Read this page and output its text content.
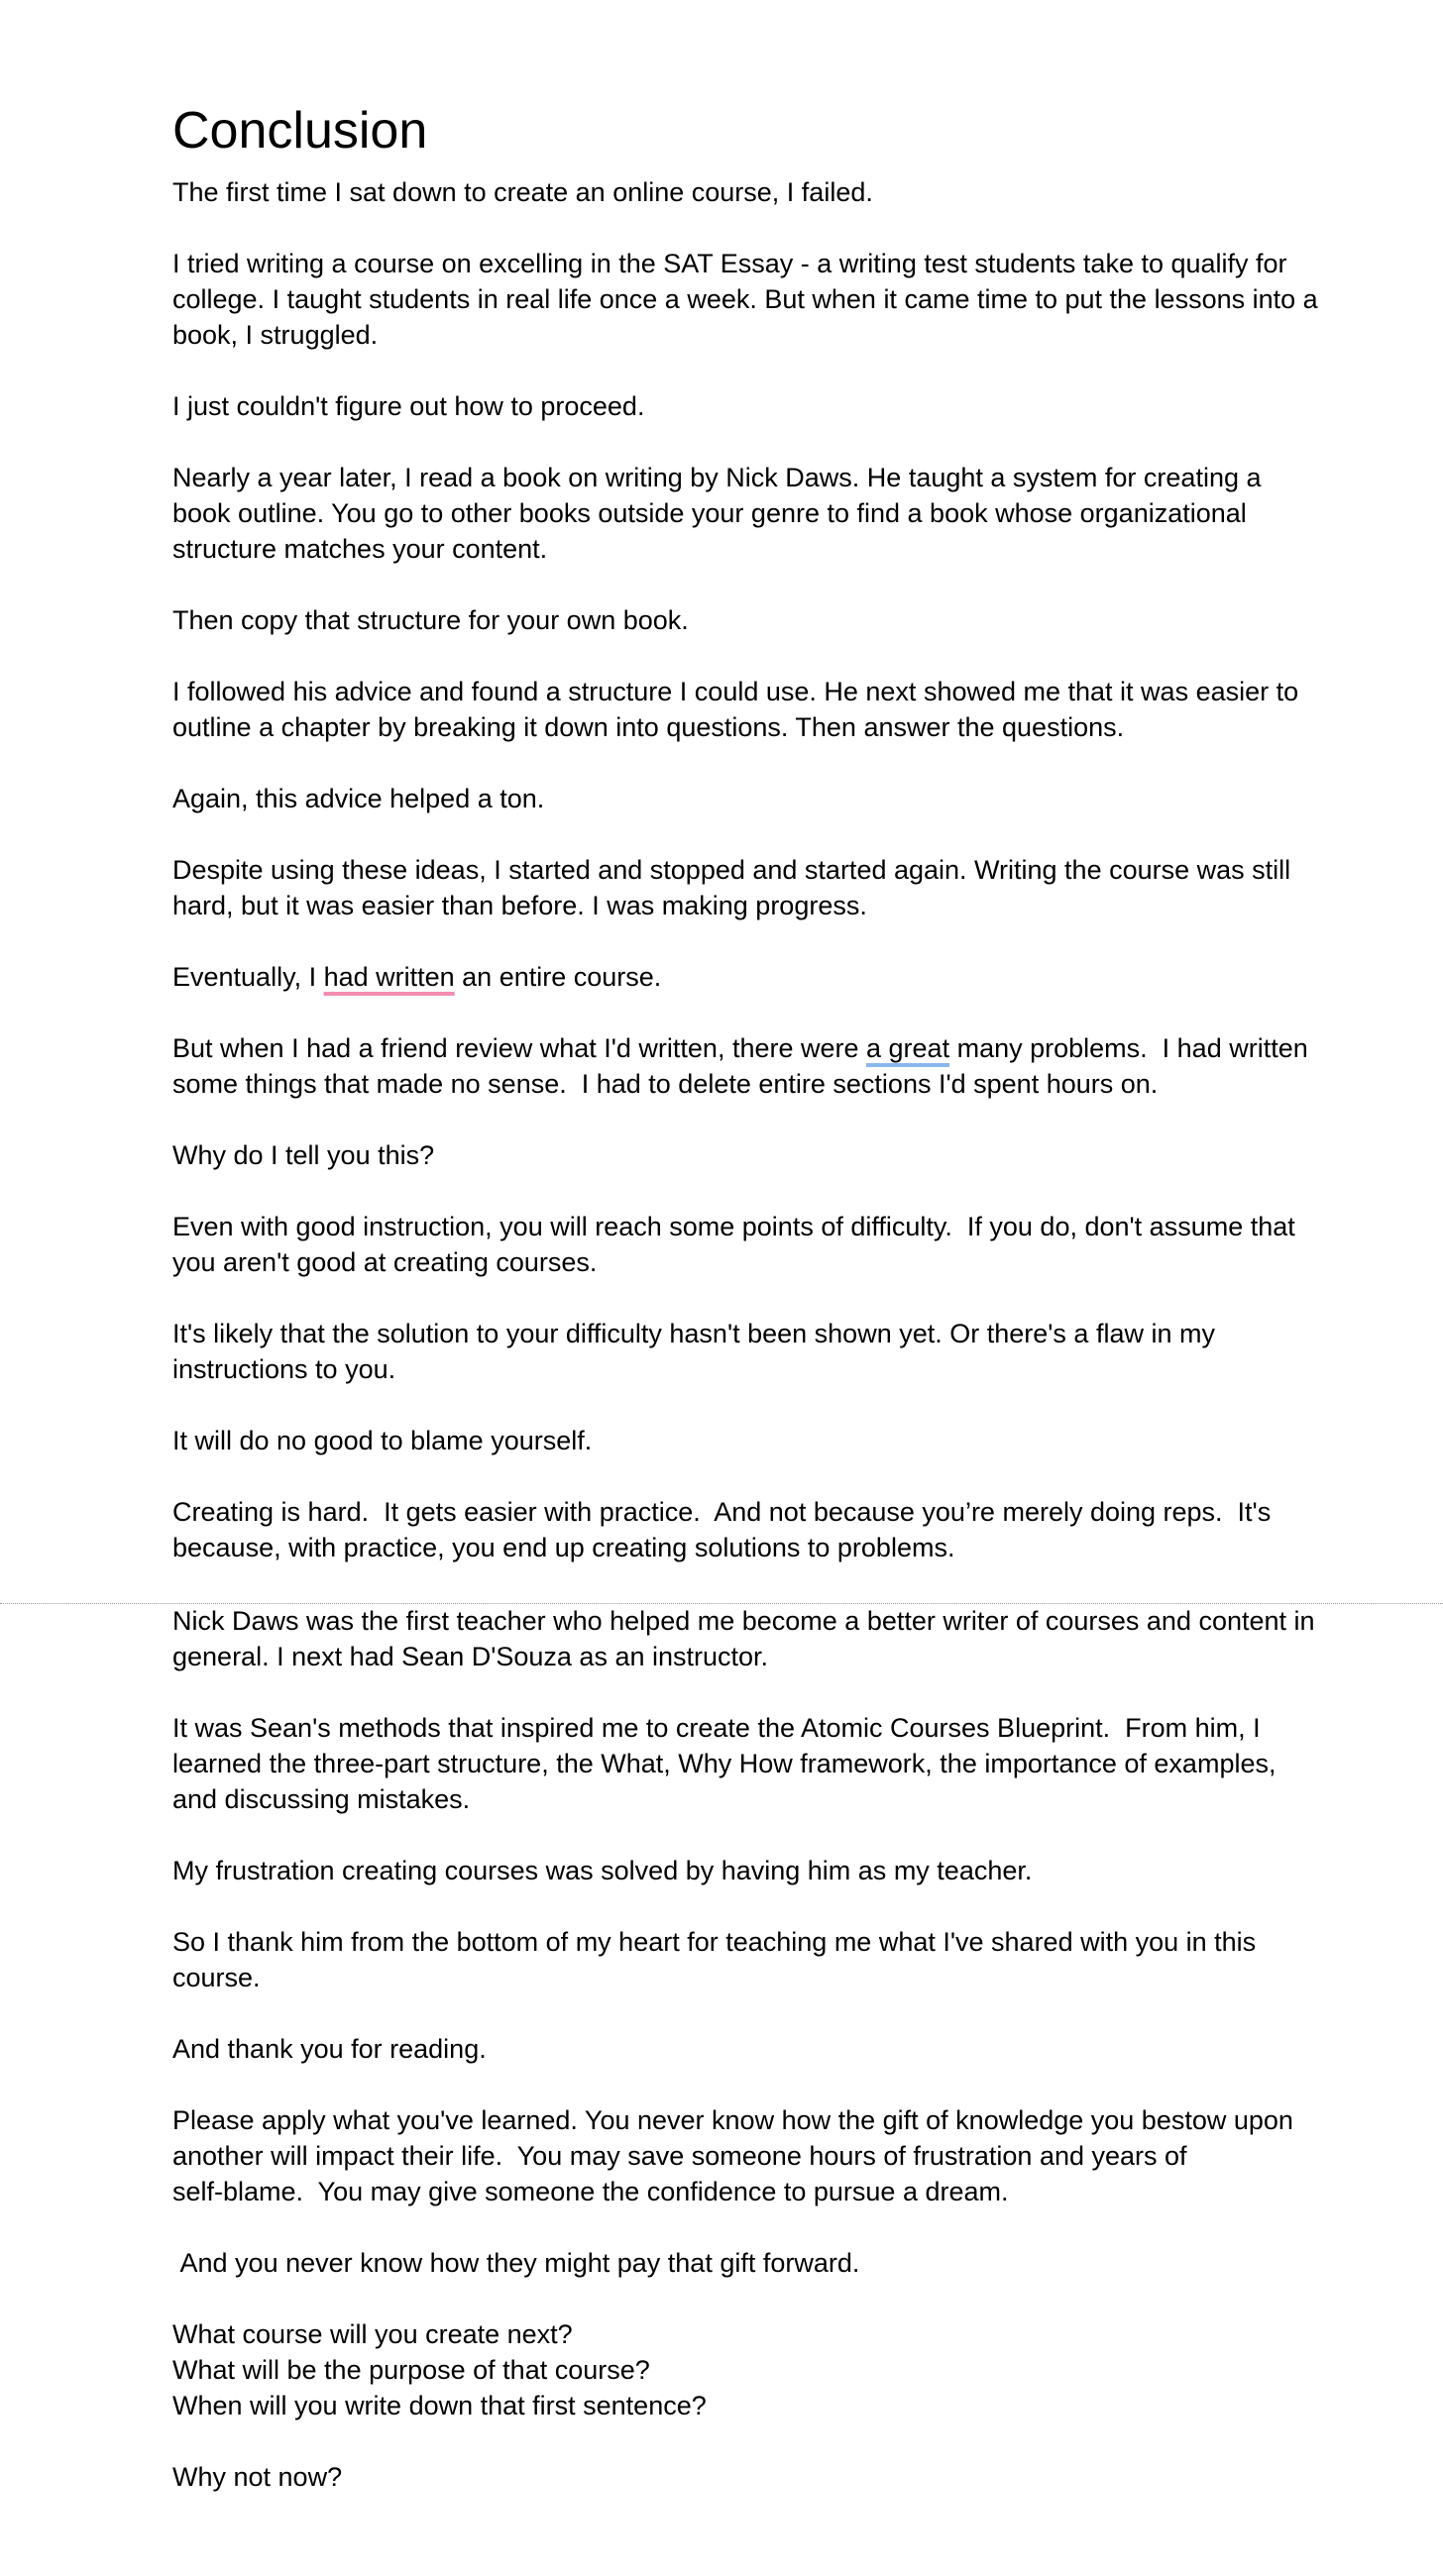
Conclusion

The first time I sat down to create an online course, I failed.

I tried writing a course on excelling in the SAT Essay - a writing test students take to qualify for college. I taught students in real life once a week. But when it came time to put the lessons into a book, I struggled.

I just couldn't figure out how to proceed.

Nearly a year later, I read a book on writing by Nick Daws. He taught a system for creating a book outline. You go to other books outside your genre to find a book whose organizational structure matches your content.

Then copy that structure for your own book.

I followed his advice and found a structure I could use. He next showed me that it was easier to outline a chapter by breaking it down into questions. Then answer the questions.

Again, this advice helped a ton.

Despite using these ideas, I started and stopped and started again. Writing the course was still hard, but it was easier than before. I was making progress.

Eventually, I had written an entire course.

But when I had a friend review what I'd written, there were a great many problems.  I had written some things that made no sense.  I had to delete entire sections I'd spent hours on.

Why do I tell you this?

Even with good instruction, you will reach some points of difficulty.  If you do, don't assume that you aren't good at creating courses.

It's likely that the solution to your difficulty hasn't been shown yet. Or there's a flaw in my instructions to you.

It will do no good to blame yourself.

Creating is hard.  It gets easier with practice.  And not because you’re merely doing reps.  It's because, with practice, you end up creating solutions to problems.

Nick Daws was the first teacher who helped me become a better writer of courses and content in general. I next had Sean D'Souza as an instructor.

It was Sean's methods that inspired me to create the Atomic Courses Blueprint.  From him, I learned the three-part structure, the What, Why How framework, the importance of examples, and discussing mistakes.

My frustration creating courses was solved by having him as my teacher.

So I thank him from the bottom of my heart for teaching me what I've shared with you in this course.

And thank you for reading.

Please apply what you've learned. You never know how the gift of knowledge you bestow upon another will impact their life.  You may save someone hours of frustration and years of

self-blame.  You may give someone the confidence to pursue a dream.

And you never know how they might pay that gift forward.

What course will you create next?

What will be the purpose of that course?

When will you write down that first sentence?

Why not now?
